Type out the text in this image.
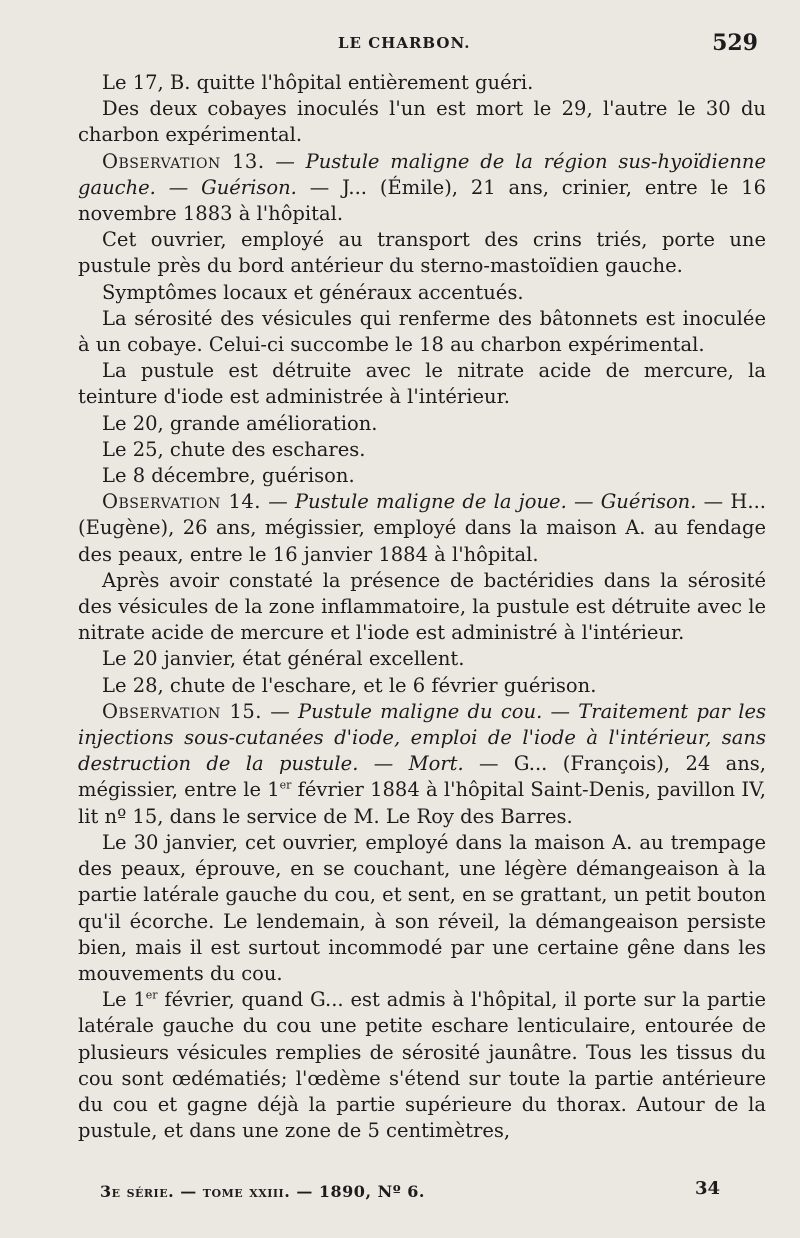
LE CHARBON.	529

Le 17, B. quitte l'hôpital entièrement guéri.

Des deux cobayes inoculés l'un est mort le 29, l'autre le 30 du charbon expérimental.

Observation 13. — Pustule maligne de la région sus-hyoïdienne gauche. — Guérison. — J... (Émile), 21 ans, crinier, entre le 16 novembre 1883 à l'hôpital.

Cet ouvrier, employé au transport des crins triés, porte une pustule près du bord antérieur du sterno-mastoïdien gauche.

Symptômes locaux et généraux accentués.

La sérosité des vésicules qui renferme des bâtonnets est inoculée à un cobaye. Celui-ci succombe le 18 au charbon expérimental.

La pustule est détruite avec le nitrate acide de mercure, la teinture d'iode est administrée à l'intérieur.

Le 20, grande amélioration.

Le 25, chute des eschares.

Le 8 décembre, guérison.

Observation 14. — Pustule maligne de la joue. — Guérison. — H... (Eugène), 26 ans, mégissier, employé dans la maison A. au fendage des peaux, entre le 16 janvier 1884 à l'hôpital.

Après avoir constaté la présence de bactéridies dans la sérosité des vésicules de la zone inflammatoire, la pustule est détruite avec le nitrate acide de mercure et l'iode est administré à l'intérieur.

Le 20 janvier, état général excellent.

Le 28, chute de l'eschare, et le 6 février guérison.

Observation 15. — Pustule maligne du cou. — Traitement par les injections sous-cutanées d'iode, emploi de l'iode à l'intérieur, sans destruction de la pustule. — Mort. — G... (François), 24 ans, mégissier, entre le 1er février 1884 à l'hôpital Saint-Denis, pavillon IV, lit nº 15, dans le service de M. Le Roy des Barres.

Le 30 janvier, cet ouvrier, employé dans la maison A. au trempage des peaux, éprouve, en se couchant, une légère démangeaison à la partie latérale gauche du cou, et sent, en se grattant, un petit bouton qu'il écorche. Le lendemain, à son réveil, la démangeaison persiste bien, mais il est surtout incommodé par une certaine gêne dans les mouvements du cou.

Le 1er février, quand G... est admis à l'hôpital, il porte sur la partie latérale gauche du cou une petite eschare lenticulaire, entourée de plusieurs vésicules remplies de sérosité jaunâtre. Tous les tissus du cou sont œdématiés; l'œdème s'étend sur toute la partie antérieure du cou et gagne déjà la partie supérieure du thorax. Autour de la pustule, et dans une zone de 5 centimètres,

3e série. — tome xxiii. — 1890, Nº 6.	34
